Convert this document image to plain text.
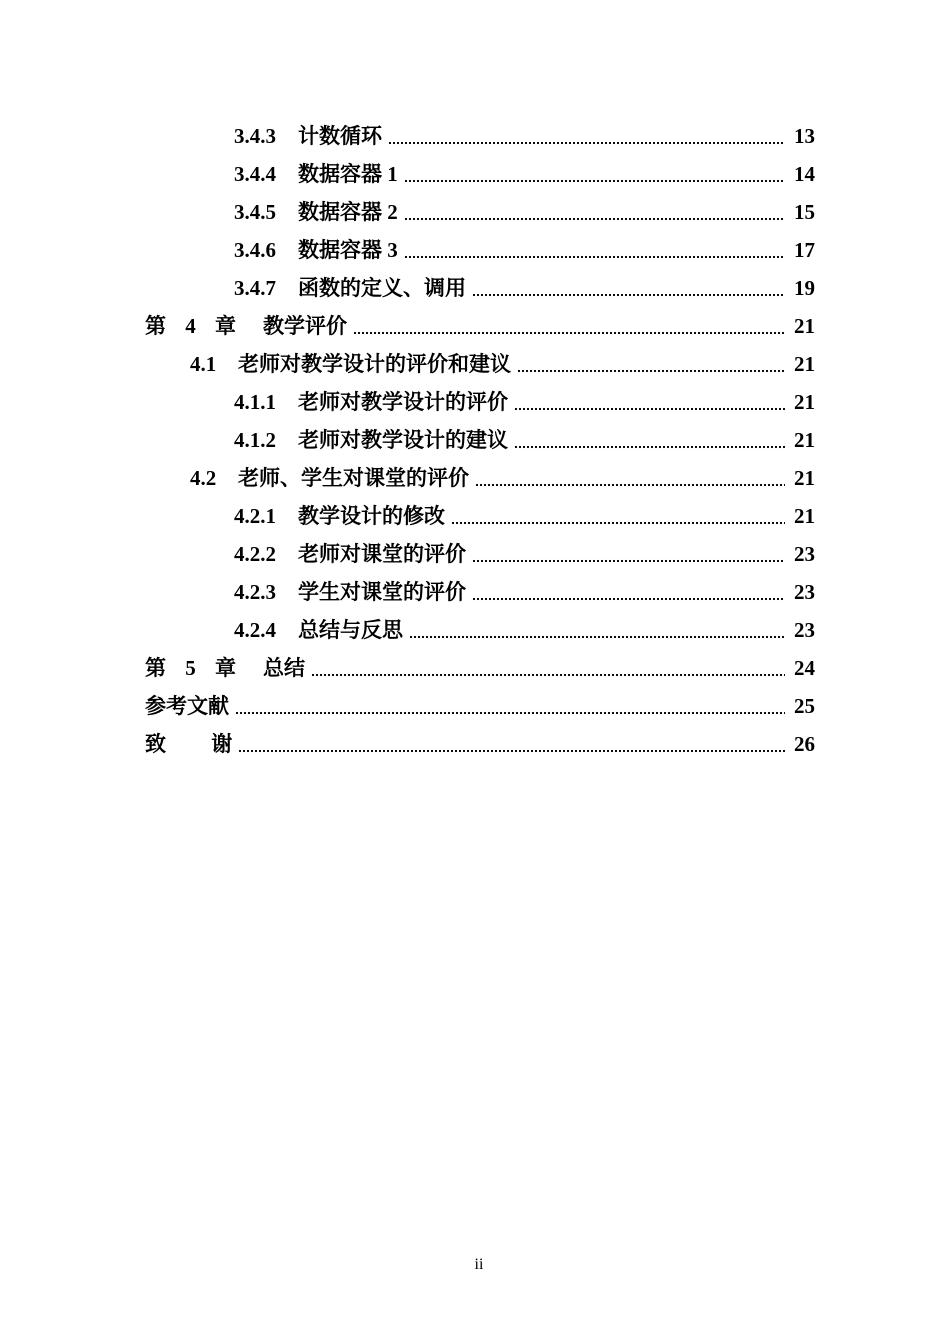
3.4.3	计数循环	13
3.4.4	数据容器 1	14
3.4.5	数据容器 2	15
3.4.6	数据容器 3	17
3.4.7	函数的定义、调用	19
第 4 章	教学评价	21
4.1	老师对教学设计的评价和建议	21
4.1.1	老师对教学设计的评价	21
4.1.2	老师对教学设计的建议	21
4.2	老师、学生对课堂的评价	21
4.2.1	教学设计的修改	21
4.2.2	老师对课堂的评价	23
4.2.3	学生对课堂的评价	23
4.2.4	总结与反思	23
第 5 章	总结	24
参考文献	25
致 谢	26
ii
